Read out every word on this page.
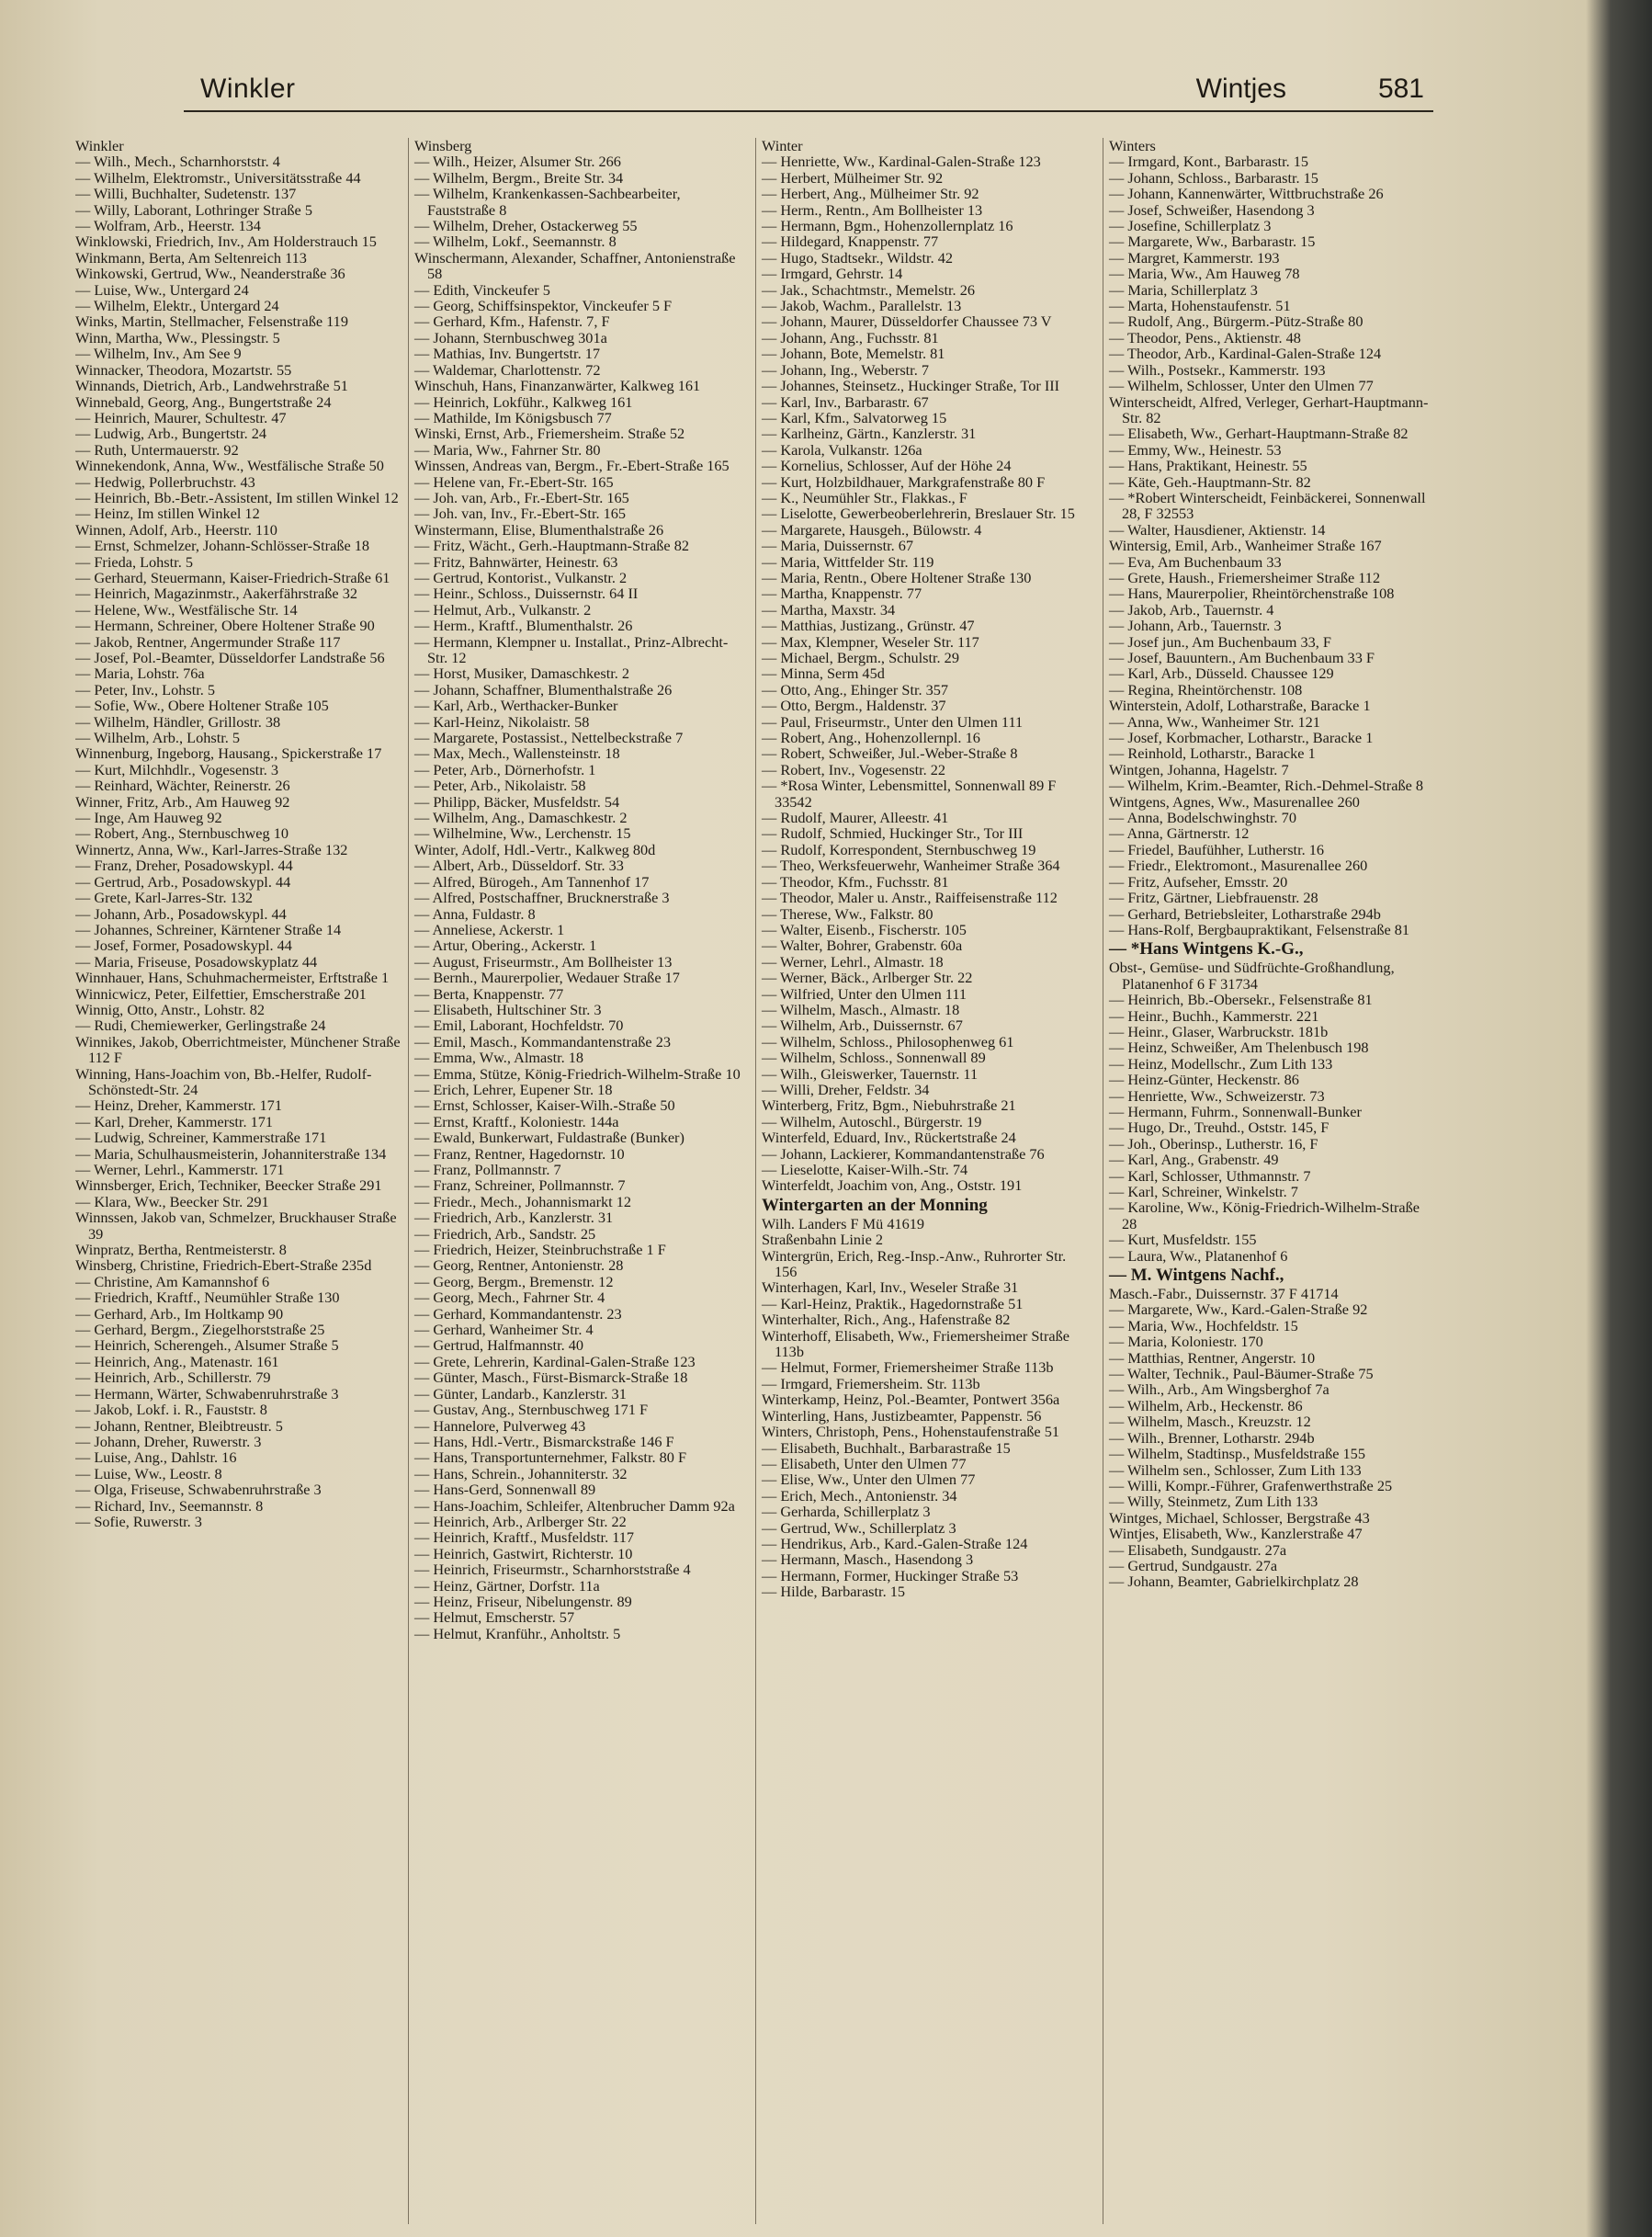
Winkler	Wintjes	581

Winkler

— Wilh., Mech., Scharnhorststr. 4

— Wilhelm, Elektromstr., Universitätsstraße 44

— Willi, Buchhalter, Sudetenstr. 137

— Willy, Laborant, Lothringer Straße 5

— Wolfram, Arb., Heerstr. 134

Winklowski, Friedrich, Inv., Am Holderstrauch 15

Winkmann, Berta, Am Seltenreich 113

Winkowski, Gertrud, Ww., Neanderstraße 36

— Luise, Ww., Untergard 24

— Wilhelm, Elektr., Untergard 24

Winks, Martin, Stellmacher, Felsenstraße 119

Winn, Martha, Ww., Plessingstr. 5

— Wilhelm, Inv., Am See 9

Winnacker, Theodora, Mozartstr. 55

Winnands, Dietrich, Arb., Landwehrstraße 51

Winnebald, Georg, Ang., Bungertstraße 24

— Heinrich, Maurer, Schultestr. 47

— Ludwig, Arb., Bungertstr. 24

— Ruth, Untermauerstr. 92

Winnekendonk, Anna, Ww., Westfälische Straße 50

— Hedwig, Pollerbruchstr. 43

— Heinrich, Bb.-Betr.-Assistent, Im stillen Winkel 12

— Heinz, Im stillen Winkel 12

Winnen, Adolf, Arb., Heerstr. 110

— Ernst, Schmelzer, Johann-Schlösser-Straße 18

— Frieda, Lohstr. 5

— Gerhard, Steuermann, Kaiser-Friedrich-Straße 61

— Heinrich, Magazinmstr., Aakerfährstraße 32

— Helene, Ww., Westfälische Str. 14

— Hermann, Schreiner, Obere Holtener Straße 90

— Jakob, Rentner, Angermunder Straße 117

— Josef, Pol.-Beamter, Düsseldorfer Landstraße 56

— Maria, Lohstr. 76a

— Peter, Inv., Lohstr. 5

— Sofie, Ww., Obere Holtener Straße 105

— Wilhelm, Händler, Grillostr. 38

— Wilhelm, Arb., Lohstr. 5

Winnenburg, Ingeborg, Hausang., Spickerstraße 17

— Kurt, Milchhdlr., Vogesenstr. 3

— Reinhard, Wächter, Reinerstr. 26

Winner, Fritz, Arb., Am Hauweg 92

— Inge, Am Hauweg 92

— Robert, Ang., Sternbuschweg 10

Winnertz, Anna, Ww., Karl-Jarres-Straße 132

— Franz, Dreher, Posadowskypl. 44

— Gertrud, Arb., Posadowskypl. 44

— Grete, Karl-Jarres-Str. 132

— Johann, Arb., Posadowskypl. 44

— Johannes, Schreiner, Kärntener Straße 14

— Josef, Former, Posadowskypl. 44

— Maria, Friseuse, Posadowskyplatz 44

Winnhauer, Hans, Schuhmachermeister, Erftstraße 1

Winnicwicz, Peter, Eilfettier, Emscherstraße 201

Winnig, Otto, Anstr., Lohstr. 82

— Rudi, Chemiewerker, Gerlingstraße 24

Winnikes, Jakob, Oberrichtmeister, Münchener Straße 112 F

Winning, Hans-Joachim von, Bb.-Helfer, Rudolf-Schönstedt-Str. 24

— Heinz, Dreher, Kammerstr. 171

— Karl, Dreher, Kammerstr. 171

— Ludwig, Schreiner, Kammerstraße 171

— Maria, Schulhausmeisterin, Johanniterstraße 134

— Werner, Lehrl., Kammerstr. 171

Winnsberger, Erich, Techniker, Beecker Straße 291

— Klara, Ww., Beecker Str. 291

Winnssen, Jakob van, Schmelzer, Bruckhauser Straße 39

Winpratz, Bertha, Rentmeisterstr. 8

Winsberg, Christine, Friedrich-Ebert-Straße 235d

— Christine, Am Kamannshof 6

— Friedrich, Kraftf., Neumühler Straße 130

— Gerhard, Arb., Im Holtkamp 90

— Gerhard, Bergm., Ziegelhorststraße 25

— Heinrich, Scherengeh., Alsumer Straße 5

— Heinrich, Ang., Matenastr. 161

— Heinrich, Arb., Schillerstr. 79

— Hermann, Wärter, Schwabenruhrstraße 3

— Jakob, Lokf. i. R., Fauststr. 8

— Johann, Rentner, Bleibtreustr. 5

— Johann, Dreher, Ruwerstr. 3

— Luise, Ang., Dahlstr. 16

— Luise, Ww., Leostr. 8

— Olga, Friseuse, Schwabenruhrstraße 3

— Richard, Inv., Seemannstr. 8

— Sofie, Ruwerstr. 3

Winsberg

— Wilh., Heizer, Alsumer Str. 266

— Wilhelm, Bergm., Breite Str. 34

— Wilhelm, Krankenkassen-Sachbearbeiter, Fauststraße 8

— Wilhelm, Dreher, Ostackerweg 55

— Wilhelm, Lokf., Seemannstr. 8

Winschermann, Alexander, Schaffner, Antonienstraße 58

— Edith, Vinckeufer 5

— Georg, Schiffsinspektor, Vinckeufer 5 F

— Gerhard, Kfm., Hafenstr. 7, F

— Johann, Sternbuschweg 301a

— Mathias, Inv. Bungertstr. 17

— Waldemar, Charlottenstr. 72

Winschuh, Hans, Finanzanwärter, Kalkweg 161

— Heinrich, Lokführ., Kalkweg 161

— Mathilde, Im Königsbusch 77

Winski, Ernst, Arb., Friemersheim. Straße 52

— Maria, Ww., Fahrner Str. 80

Winssen, Andreas van, Bergm., Fr.-Ebert-Straße 165

— Helene van, Fr.-Ebert-Str. 165

— Joh. van, Arb., Fr.-Ebert-Str. 165

— Joh. van, Inv., Fr.-Ebert-Str. 165

Winstermann, Elise, Blumenthalstraße 26

— Fritz, Wächt., Gerh.-Hauptmann-Straße 82

— Fritz, Bahnwärter, Heinestr. 63

— Gertrud, Kontorist., Vulkanstr. 2

— Heinr., Schloss., Duissernstr. 64 II

— Helmut, Arb., Vulkanstr. 2

— Herm., Kraftf., Blumenthalstr. 26

— Hermann, Klempner u. Installat., Prinz-Albrecht-Str. 12

— Horst, Musiker, Damaschkestr. 2

— Johann, Schaffner, Blumenthalstraße 26

— Karl, Arb., Werthacker-Bunker

— Karl-Heinz, Nikolaistr. 58

— Margarete, Postassist., Nettelbeckstraße 7

— Max, Mech., Wallensteinstr. 18

— Peter, Arb., Dörnerhofstr. 1

— Peter, Arb., Nikolaistr. 58

— Philipp, Bäcker, Musfeldstr. 54

— Wilhelm, Ang., Damaschkestr. 2

— Wilhelmine, Ww., Lerchenstr. 15

Winter, Adolf, Hdl.-Vertr., Kalkweg 80d

— Albert, Arb., Düsseldorf. Str. 33

— Alfred, Bürogeh., Am Tannenhof 17

— Alfred, Postschaffner, Brucknerstraße 3

— Anna, Fuldastr. 8

— Anneliese, Ackerstr. 1

— Artur, Obering., Ackerstr. 1

— August, Friseurmstr., Am Bollheister 13

— Bernh., Maurerpolier, Wedauer Straße 17

— Berta, Knappenstr. 77

— Elisabeth, Hultschiner Str. 3

— Emil, Laborant, Hochfeldstr. 70

— Emil, Masch., Kommandantenstraße 23

— Emma, Ww., Almastr. 18

— Emma, Stütze, König-Friedrich-Wilhelm-Straße 10

— Erich, Lehrer, Eupener Str. 18

— Ernst, Schlosser, Kaiser-Wilh.-Straße 50

— Ernst, Kraftf., Koloniestr. 144a

— Ewald, Bunkerwart, Fuldastraße (Bunker)

— Franz, Rentner, Hagedornstr. 10

— Franz, Pollmannstr. 7

— Franz, Schreiner, Pollmannstr. 7

— Friedr., Mech., Johannismarkt 12

— Friedrich, Arb., Kanzlerstr. 31

— Friedrich, Arb., Sandstr. 25

— Friedrich, Heizer, Steinbruchstraße 1 F

— Georg, Rentner, Antonienstr. 28

— Georg, Bergm., Bremenstr. 12

— Georg, Mech., Fahrner Str. 4

— Gerhard, Kommandantenstr. 23

— Gerhard, Wanheimer Str. 4

— Gertrud, Halfmannstr. 40

— Grete, Lehrerin, Kardinal-Galen-Straße 123

— Günter, Masch., Fürst-Bismarck-Straße 18

— Günter, Landarb., Kanzlerstr. 31

— Gustav, Ang., Sternbuschweg 171 F

— Hannelore, Pulverweg 43

— Hans, Hdl.-Vertr., Bismarckstraße 146 F

— Hans, Transportunternehmer, Falkstr. 80 F

— Hans, Schrein., Johanniterstr. 32

— Hans-Gerd, Sonnenwall 89

— Hans-Joachim, Schleifer, Altenbrucher Damm 92a

— Heinrich, Arb., Arlberger Str. 22

— Heinrich, Kraftf., Musfeldstr. 117

— Heinrich, Gastwirt, Richterstr. 10

— Heinrich, Friseurmstr., Scharnhorststraße 4

— Heinz, Gärtner, Dorfstr. 11a

— Heinz, Friseur, Nibelungenstr. 89

— Helmut, Emscherstr. 57

— Helmut, Kranführ., Anholtstr. 5

Winter

— Henriette, Ww., Kardinal-Galen-Straße 123

— Herbert, Mülheimer Str. 92

— Herbert, Ang., Mülheimer Str. 92

— Herm., Rentn., Am Bollheister 13

— Hermann, Bgm., Hohenzollernplatz 16

— Hildegard, Knappenstr. 77

— Hugo, Stadtsekr., Wildstr. 42

— Irmgard, Gehrstr. 14

— Jak., Schachtmstr., Memelstr. 26

— Jakob, Wachm., Parallelstr. 13

— Johann, Maurer, Düsseldorfer Chaussee 73 V

— Johann, Ang., Fuchsstr. 81

— Johann, Bote, Memelstr. 81

— Johann, Ing., Weberstr. 7

— Johannes, Steinsetz., Huckinger Straße, Tor III

— Karl, Inv., Barbarastr. 67

— Karl, Kfm., Salvatorweg 15

— Karlheinz, Gärtn., Kanzlerstr. 31

— Karola, Vulkanstr. 126a

— Kornelius, Schlosser, Auf der Höhe 24

— Kurt, Holzbildhauer, Markgrafenstraße 80 F

— K., Neumühler Str., Flakkas., F

— Liselotte, Gewerbeoberlehrerin, Breslauer Str. 15

— Margarete, Hausgeh., Bülowstr. 4

— Maria, Duissernstr. 67

— Maria, Wittfelder Str. 119

— Maria, Rentn., Obere Holtener Straße 130

— Martha, Knappenstr. 77

— Martha, Maxstr. 34

— Matthias, Justizang., Grünstr. 47

— Max, Klempner, Weseler Str. 117

— Michael, Bergm., Schulstr. 29

— Minna, Serm 45d

— Otto, Ang., Ehinger Str. 357

— Otto, Bergm., Haldenstr. 37

— Paul, Friseurmstr., Unter den Ulmen 111

— Robert, Ang., Hohenzollernpl. 16

— Robert, Schweißer, Jul.-Weber-Straße 8

— Robert, Inv., Vogesenstr. 22

— *Rosa Winter, Lebensmittel, Sonnenwall 89 F 33542

— Rudolf, Maurer, Alleestr. 41

— Rudolf, Schmied, Huckinger Str., Tor III

— Rudolf, Korrespondent, Sternbuschweg 19

— Theo, Werksfeuerwehr, Wanheimer Straße 364

— Theodor, Kfm., Fuchsstr. 81

— Theodor, Maler u. Anstr., Raiffeisenstraße 112

— Therese, Ww., Falkstr. 80

— Walter, Eisenb., Fischerstr. 105

— Walter, Bohrer, Grabenstr. 60a

— Werner, Lehrl., Almastr. 18

— Werner, Bäck., Arlberger Str. 22

— Wilfried, Unter den Ulmen 111

— Wilhelm, Masch., Almastr. 18

— Wilhelm, Arb., Duissernstr. 67

— Wilhelm, Schloss., Philosophenweg 61

— Wilhelm, Schloss., Sonnenwall 89

— Wilh., Gleiswerker, Tauernstr. 11

— Willi, Dreher, Feldstr. 34

Winterberg, Fritz, Bgm., Niebuhrstraße 21

— Wilhelm, Autoschl., Bürgerstr. 19

Winterfeld, Eduard, Inv., Rückertstraße 24

— Johann, Lackierer, Kommandantenstraße 76

— Lieselotte, Kaiser-Wilh.-Str. 74

Winterfeldt, Joachim von, Ang., Oststr. 191

Wintergarten an der Monning

Wilh. Landers F Mü 41619

Straßenbahn Linie 2

Wintergrün, Erich, Reg.-Insp.-Anw., Ruhrorter Str. 156

Winterhagen, Karl, Inv., Weseler Straße 31

— Karl-Heinz, Praktik., Hagedornstraße 51

Winterhalter, Rich., Ang., Hafenstraße 82

Winterhoff, Elisabeth, Ww., Friemersheimer Straße 113b

— Helmut, Former, Friemersheimer Straße 113b

— Irmgard, Friemersheim. Str. 113b

Winterkamp, Heinz, Pol.-Beamter, Pontwert 356a

Winterling, Hans, Justizbeamter, Pappenstr. 56

Winters, Christoph, Pens., Hohenstaufenstraße 51

— Elisabeth, Buchhalt., Barbarastraße 15

— Elisabeth, Unter den Ulmen 77

— Elise, Ww., Unter den Ulmen 77

— Erich, Mech., Antonienstr. 34

— Gerharda, Schillerplatz 3

— Gertrud, Ww., Schillerplatz 3

— Hendrikus, Arb., Kard.-Galen-Straße 124

— Hermann, Masch., Hasendong 3

— Hermann, Former, Huckinger Straße 53

— Hilde, Barbarastr. 15

Winters

— Irmgard, Kont., Barbarastr. 15

— Johann, Schloss., Barbarastr. 15

— Johann, Kannenwärter, Wittbruchstraße 26

— Josef, Schweißer, Hasendong 3

— Josefine, Schillerplatz 3

— Margarete, Ww., Barbarastr. 15

— Margret, Kammerstr. 193

— Maria, Ww., Am Hauweg 78

— Maria, Schillerplatz 3

— Marta, Hohenstaufenstr. 51

— Rudolf, Ang., Bürgerm.-Pütz-Straße 80

— Theodor, Pens., Aktienstr. 48

— Theodor, Arb., Kardinal-Galen-Straße 124

— Wilh., Postsekr., Kammerstr. 193

— Wilhelm, Schlosser, Unter den Ulmen 77

Winterscheidt, Alfred, Verleger, Gerhart-Hauptmann-Str. 82

— Elisabeth, Ww., Gerhart-Hauptmann-Straße 82

— Emmy, Ww., Heinestr. 53

— Hans, Praktikant, Heinestr. 55

— Käte, Geh.-Hauptmann-Str. 82

— *Robert Winterscheidt, Feinbäckerei, Sonnenwall 28, F 32553

— Walter, Hausdiener, Aktienstr. 14

Wintersig, Emil, Arb., Wanheimer Straße 167

— Eva, Am Buchenbaum 33

— Grete, Haush., Friemersheimer Straße 112

— Hans, Maurerpolier, Rheintörchenstraße 108

— Jakob, Arb., Tauernstr. 4

— Johann, Arb., Tauernstr. 3

— Josef jun., Am Buchenbaum 33, F

— Josef, Bauuntern., Am Buchenbaum 33 F

— Karl, Arb., Düsseld. Chaussee 129

— Regina, Rheintörchenstr. 108

Winterstein, Adolf, Lotharstraße, Baracke 1

— Anna, Ww., Wanheimer Str. 121

— Josef, Korbmacher, Lotharstr., Baracke 1

— Reinhold, Lotharstr., Baracke 1

Wintgen, Johanna, Hagelstr. 7

— Wilhelm, Krim.-Beamter, Rich.-Dehmel-Straße 8

Wintgens, Agnes, Ww., Masurenallee 260

— Anna, Bodelschwinghstr. 70

— Anna, Gärtnerstr. 12

— Friedel, Baufühher, Lutherstr. 16

— Friedr., Elektromont., Masurenallee 260

— Fritz, Aufseher, Emsstr. 20

— Fritz, Gärtner, Liebfrauenstr. 28

— Gerhard, Betriebsleiter, Lotharstraße 294b

— Hans-Rolf, Bergbaupraktikant, Felsenstraße 81

— *Hans Wintgens K.-G.,

Obst-, Gemüse- und Südfrüchte-Großhandlung, Platanenhof 6 F 31734

— Heinrich, Bb.-Obersekr., Felsenstraße 81

— Heinr., Buchh., Kammerstr. 221

— Heinr., Glaser, Warbruckstr. 181b

— Heinz, Schweißer, Am Thelenbusch 198

— Heinz, Modellschr., Zum Lith 133

— Heinz-Günter, Heckenstr. 86

— Henriette, Ww., Schweizerstr. 73

— Hermann, Fuhrm., Sonnenwall-Bunker

— Hugo, Dr., Treuhd., Oststr. 145, F

— Joh., Oberinsp., Lutherstr. 16, F

— Karl, Ang., Grabenstr. 49

— Karl, Schlosser, Uthmannstr. 7

— Karl, Schreiner, Winkelstr. 7

— Karoline, Ww., König-Friedrich-Wilhelm-Straße 28

— Kurt, Musfeldstr. 155

— Laura, Ww., Platanenhof 6

— M. Wintgens Nachf.,

Masch.-Fabr., Duissernstr. 37 F 41714

— Margarete, Ww., Kard.-Galen-Straße 92

— Maria, Ww., Hochfeldstr. 15

— Maria, Koloniestr. 170

— Matthias, Rentner, Angerstr. 10

— Walter, Technik., Paul-Bäumer-Straße 75

— Wilh., Arb., Am Wingsberghof 7a

— Wilhelm, Arb., Heckenstr. 86

— Wilhelm, Masch., Kreuzstr. 12

— Wilh., Brenner, Lotharstr. 294b

— Wilhelm, Stadtinsp., Musfeldstraße 155

— Wilhelm sen., Schlosser, Zum Lith 133

— Willi, Kompr.-Führer, Grafenwerthstraße 25

— Willy, Steinmetz, Zum Lith 133

Wintges, Michael, Schlosser, Bergstraße 43

Wintjes, Elisabeth, Ww., Kanzlerstraße 47

— Elisabeth, Sundgaustr. 27a

— Gertrud, Sundgaustr. 27a

— Johann, Beamter, Gabrielkirchplatz 28
